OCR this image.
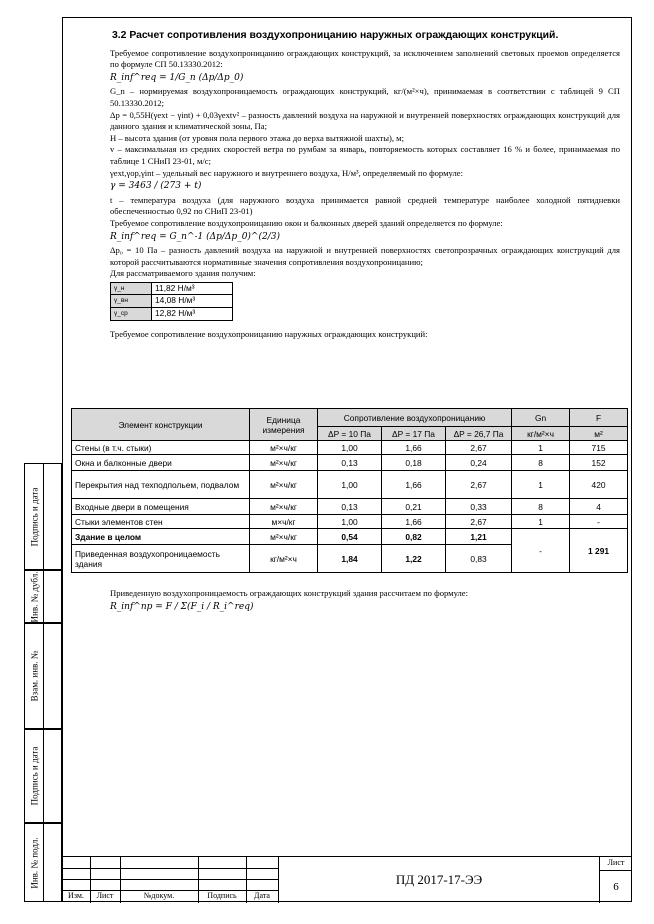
Подпись и дата
Инв. № дубл.
Взам. инв. №
Подпись и дата
Инв. № подл.
3.2 Расчет сопротивления воздухопроницанию наружных ограждающих конструкций.

Требуемое сопротивление воздухопроницанию ограждающих конструкций, за исключением заполнений световых проемов определяется по формуле СП 50.13330.2012:

R_inf^req = 1/G_n (Δp/Δp_0)

G_n – нормируемая воздухопроницаемость ограждающих конструкций, кг/(м²×ч), принимаемая в соответствии с таблицей 9 СП 50.13330.2012;

Δp = 0,55H(γext − γint) + 0,03γextv² – разность давлений воздуха на наружной и внутренней поверхностях ограждающих конструкций для данного здания и климатической зоны, Па;

H – высота здания (от уровня пола первого этажа до верха вытяжной шахты), м;

v – максимальная из средних скоростей ветра по румбам за январь, повторяемость которых составляет 16 % и более, принимаемая по таблице 1 СНиП 23-01, м/с;

γext,γop,γint – удельный вес наружного и внутреннего воздуха, Н/м³, определяемый по формуле:

γ = 3463 / (273 + t)

t – температура воздуха (для наружного воздуха принимается равной средней температуре наиболее холодной пятидневки обеспеченностью 0,92 по СНиП 23-01)

Требуемое сопротивление воздухопроницанию окон и балконных дверей зданий определяется по формуле:

R_inf^req = G_n^-1 (Δp/Δp_0)^(2/3)

Δp₀ = 10 Па – разность давлений воздуха на наружной и внутренней поверхностях светопрозрачных ограждающих конструкций для которой рассчитываются нормативные значения сопротивления воздухопроницанию;

Для рассматриваемого здания получим:

γ_н	11,82 Н/м³
γ_вн	14,08 Н/м³
γ_ср	12,82 Н/м³

Требуемое сопротивление воздухопроницанию наружных ограждающих конструкций:

Элемент конструкции	Единица измерения	Сопротивление воздухопроницанию			Gn	F
		ΔP = 10 Па	ΔP = 17 Па	ΔP = 26,7 Па	кг/м²×ч	м²
Стены (в т.ч. стыки)	м²×ч/кг	1,00	1,66	2,67	1	715
Окна и балконные двери	м²×ч/кг	0,13	0,18	0,24	8	152
Перекрытия над техподпольем, подвалом	м²×ч/кг	1,00	1,66	2,67	1	420
Входные двери в помещения	м²×ч/кг	0,13	0,21	0,33	8	4
Стыки элементов стен	м×ч/кг	1,00	1,66	2,67	1	-
Здание в целом	м²×ч/кг	0,54	0,82	1,21	-	1 291
Приведенная воздухопроницаемость здания	кг/м²×ч	1,84	1,22	0,83		

Приведенную воздухопроницаемость ограждающих конструкций здания рассчитаем по формуле:

R_inf^np = F / Σ(F_i / R_i^req)
Изм.	Лист	№докум.	Подпись	Дата
ПД 2017-17-ЭЭ
Лист
6
